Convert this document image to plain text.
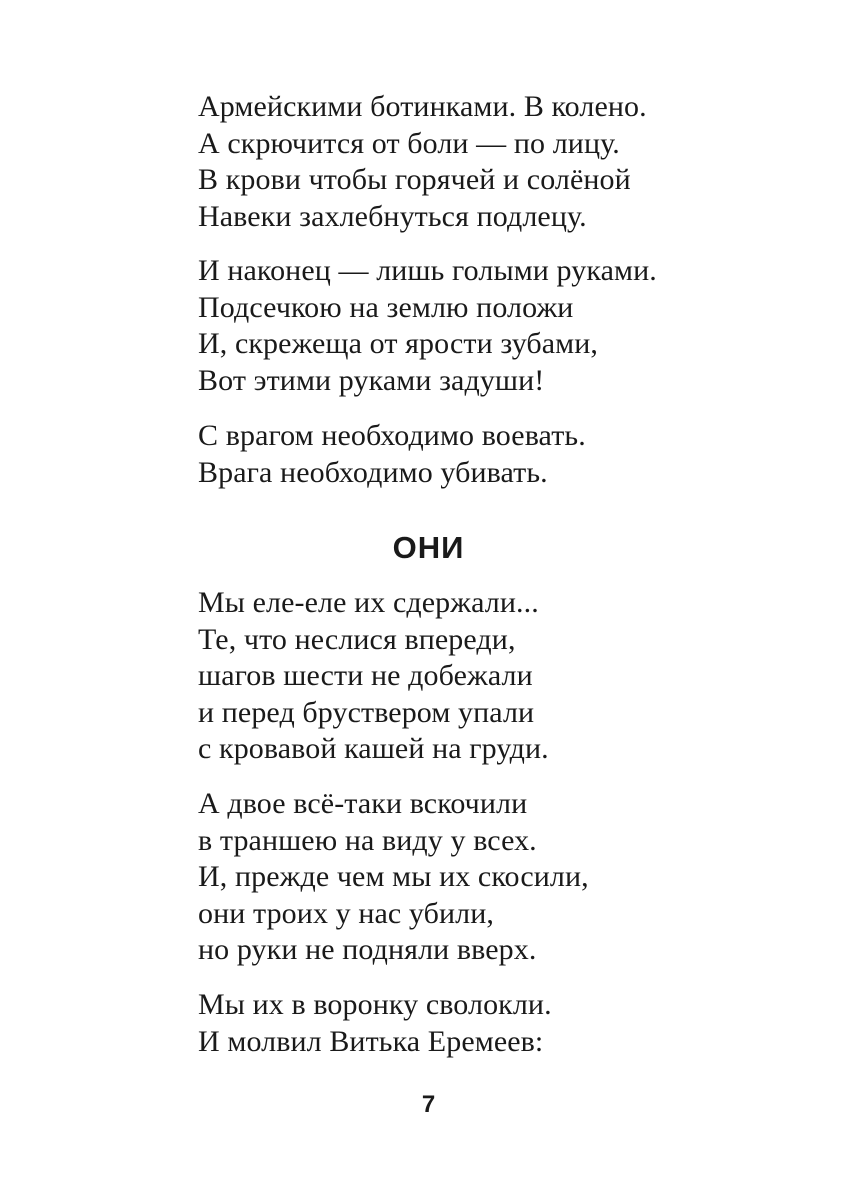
Армейскими ботинками. В колено.
А скрючится от боли — по лицу.
В крови чтобы горячей и солёной
Навеки захлебнуться подлецу.
И наконец — лишь голыми руками.
Подсечкою на землю положи
И, скрежеща от ярости зубами,
Вот этими руками задуши!
С врагом необходимо воевать.
Врага необходимо убивать.
ОНИ
Мы еле-еле их сдержали...
Те, что неслися впереди,
шагов шести не добежали
и перед бруствером упали
с кровавой кашей на груди.
А двое всё-таки вскочили
в траншею на виду у всех.
И, прежде чем мы их скосили,
они троих у нас убили,
но руки не подняли вверх.
Мы их в воронку сволокли.
И молвил Витька Еремеев:
7
